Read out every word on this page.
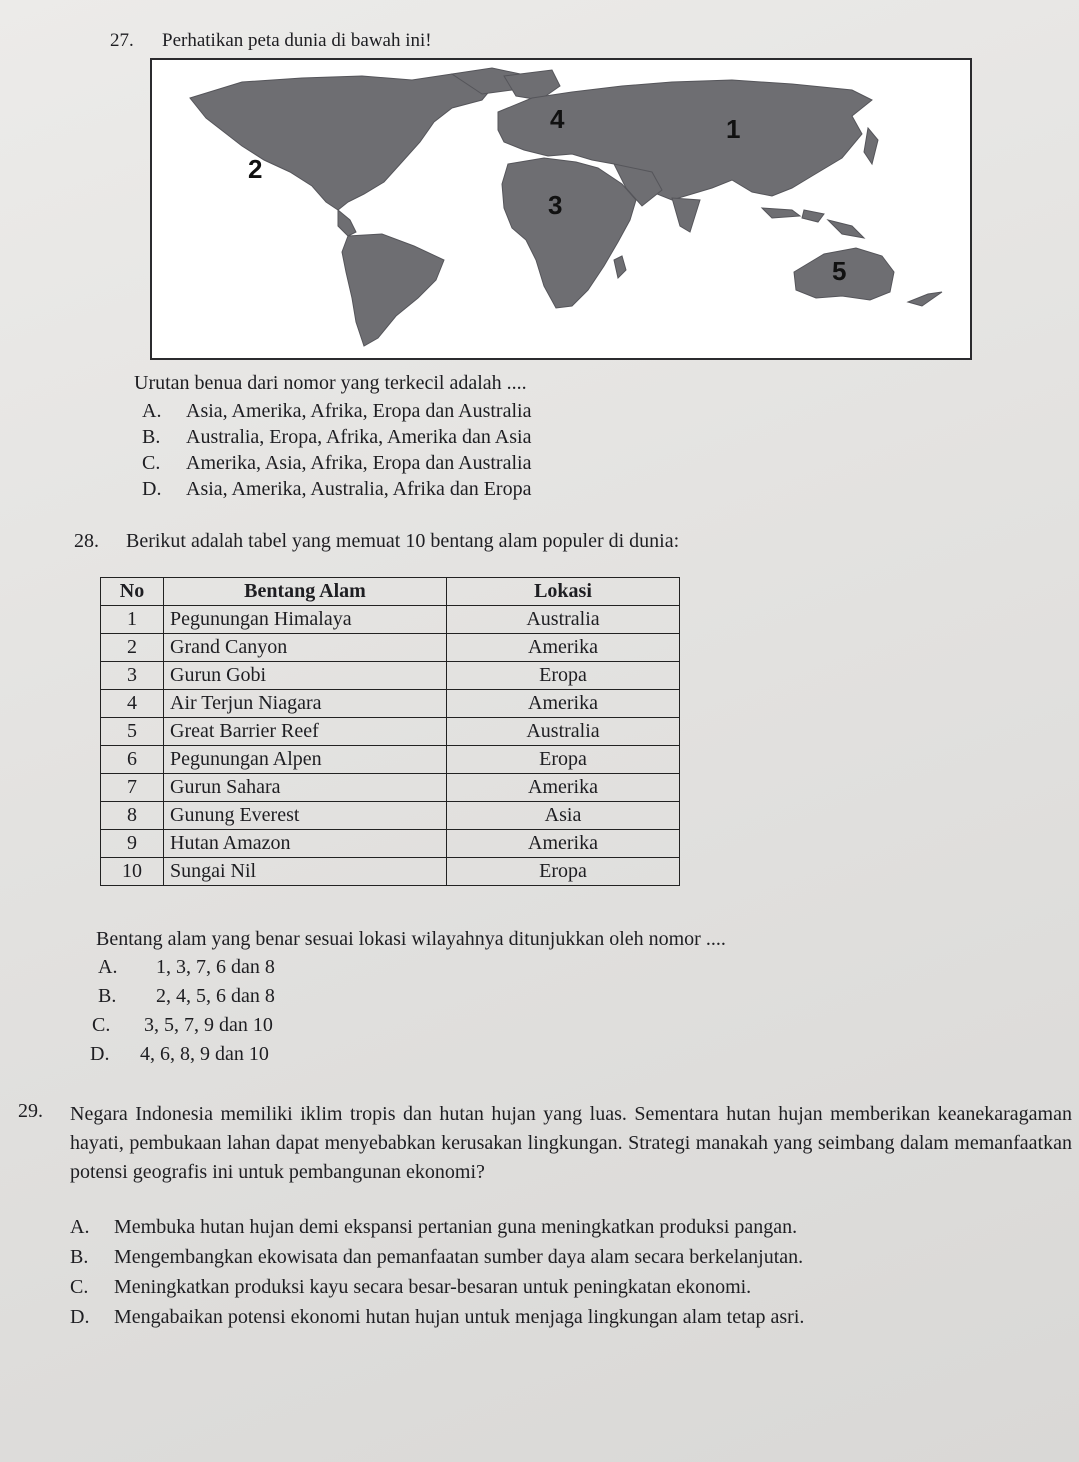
27. Perhatikan peta dunia di bawah ini!
4	1
2
3
5
Urutan benua dari nomor yang terkecil adalah ....
A. Asia, Amerika, Afrika, Eropa dan Australia
B. Australia, Eropa, Afrika, Amerika dan Asia
C. Amerika, Asia, Afrika, Eropa dan Australia
D. Asia, Amerika, Australia, Afrika dan Eropa
28. Berikut adalah tabel yang memuat 10 bentang alam populer di dunia:
No	Bentang Alam	Lokasi
1	Pegunungan Himalaya	Australia
2	Grand Canyon	Amerika
3	Gurun Gobi	Eropa
4	Air Terjun Niagara	Amerika
5	Great Barrier Reef	Australia
6	Pegunungan Alpen	Eropa
7	Gurun Sahara	Amerika
8	Gunung Everest	Asia
9	Hutan Amazon	Amerika
10	Sungai Nil	Eropa
Bentang alam yang benar sesuai lokasi wilayahnya ditunjukkan oleh nomor ....
A. 1, 3, 7, 6 dan 8
B. 2, 4, 5, 6 dan 8
C. 3, 5, 7, 9 dan 10
D. 4, 6, 8, 9 dan 10
29. Negara Indonesia memiliki iklim tropis dan hutan hujan yang luas. Sementara hutan hujan memberikan keanekaragaman hayati, pembukaan lahan dapat menyebabkan kerusakan lingkungan. Strategi manakah yang seimbang dalam memanfaatkan potensi geografis ini untuk pembangunan ekonomi?
A. Membuka hutan hujan demi ekspansi pertanian guna meningkatkan produksi pangan.
B. Mengembangkan ekowisata dan pemanfaatan sumber daya alam secara berkelanjutan.
C. Meningkatkan produksi kayu secara besar-besaran untuk peningkatan ekonomi.
D. Mengabaikan potensi ekonomi hutan hujan untuk menjaga lingkungan alam tetap asri.
